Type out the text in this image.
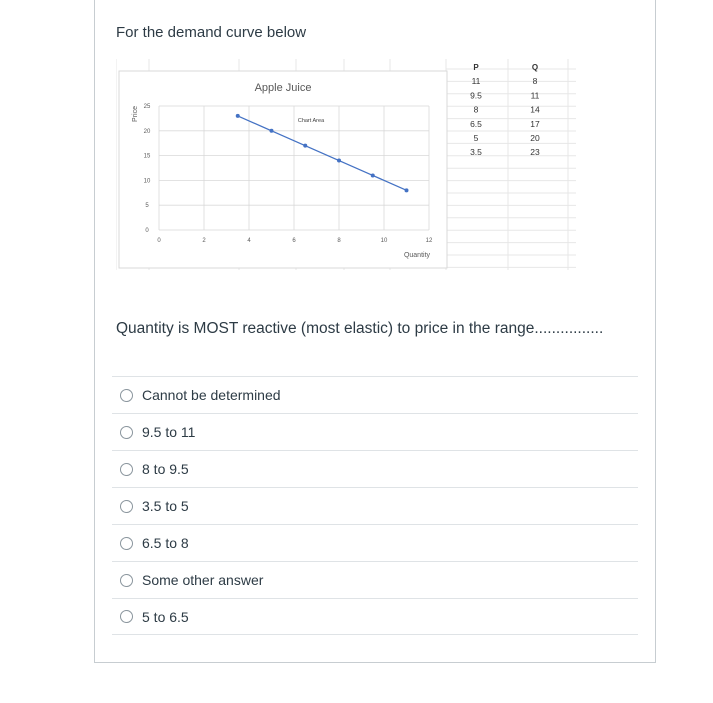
For the demand curve below
Apple Juice
Chart Area
Price
Quantity
0	2	4	6	8	10	12
0
5
10
15
20
25
P	Q
11	8
9.5	11
8	14
6.5	17
5	20
3.5	23
Quantity is MOST reactive (most elastic) to price in the range................
Cannot be determined
9.5 to 11
8 to 9.5
3.5 to 5
6.5 to 8
Some other answer
5 to 6.5
